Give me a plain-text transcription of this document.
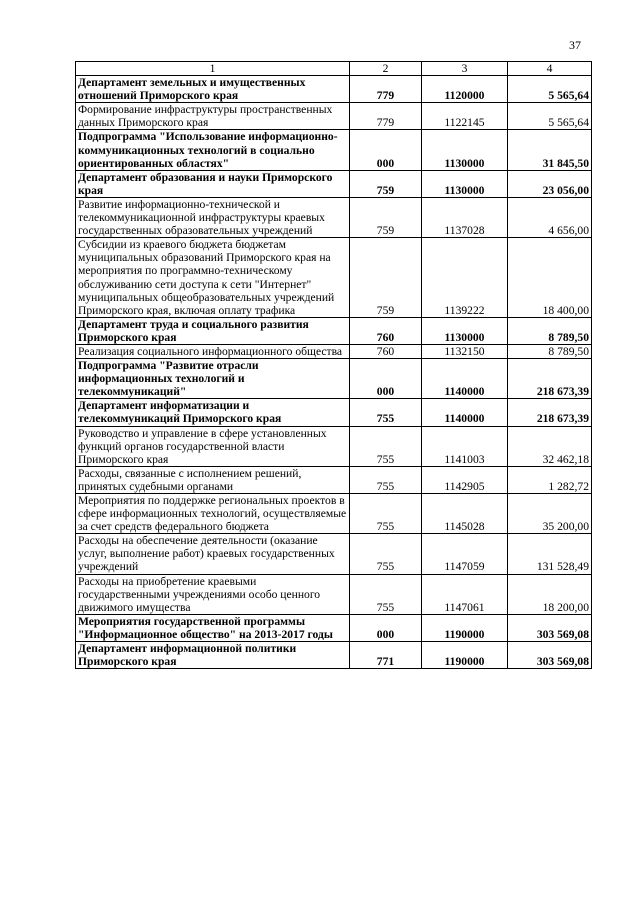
37
1	2	3	4
Департамент земельных и имущественных отношений Приморского края	779	1120000	5 565,64
Формирование инфраструктуры пространственных данных Приморского края	779	1122145	5 565,64
Подпрограмма "Использование информационно-коммуникационных технологий в социально ориентированных областях"	000	1130000	31 845,50
Департамент образования и науки Приморского края	759	1130000	23 056,00
Развитие информационно-технической и телекоммуникационной инфраструктуры краевых государственных образовательных учреждений	759	1137028	4 656,00
Субсидии из краевого бюджета бюджетам муниципальных образований Приморского края на мероприятия по программно-техническому обслуживанию сети доступа к сети "Интернет" муниципальных общеобразовательных учреждений Приморского края, включая оплату трафика	759	1139222	18 400,00
Департамент труда и социального развития Приморского края	760	1130000	8 789,50
Реализация социального информационного общества	760	1132150	8 789,50
Подпрограмма "Развитие отрасли информационных технологий и телекоммуникаций"	000	1140000	218 673,39
Департамент информатизации и телекоммуникаций Приморского края	755	1140000	218 673,39
Руководство и управление в сфере установленных функций органов государственной власти Приморского края	755	1141003	32 462,18
Расходы, связанные с исполнением решений, принятых судебными органами	755	1142905	1 282,72
Мероприятия по поддержке региональных проектов в сфере информационных технологий, осуществляемые за счет средств федерального бюджета	755	1145028	35 200,00
Расходы на обеспечение деятельности (оказание услуг, выполнение работ) краевых государственных учреждений	755	1147059	131 528,49
Расходы на приобретение краевыми государственными учреждениями особо ценного движимого имущества	755	1147061	18 200,00
Мероприятия государственной программы "Информационное общество" на 2013-2017 годы	000	1190000	303 569,08
Департамент информационной политики Приморского края	771	1190000	303 569,08
